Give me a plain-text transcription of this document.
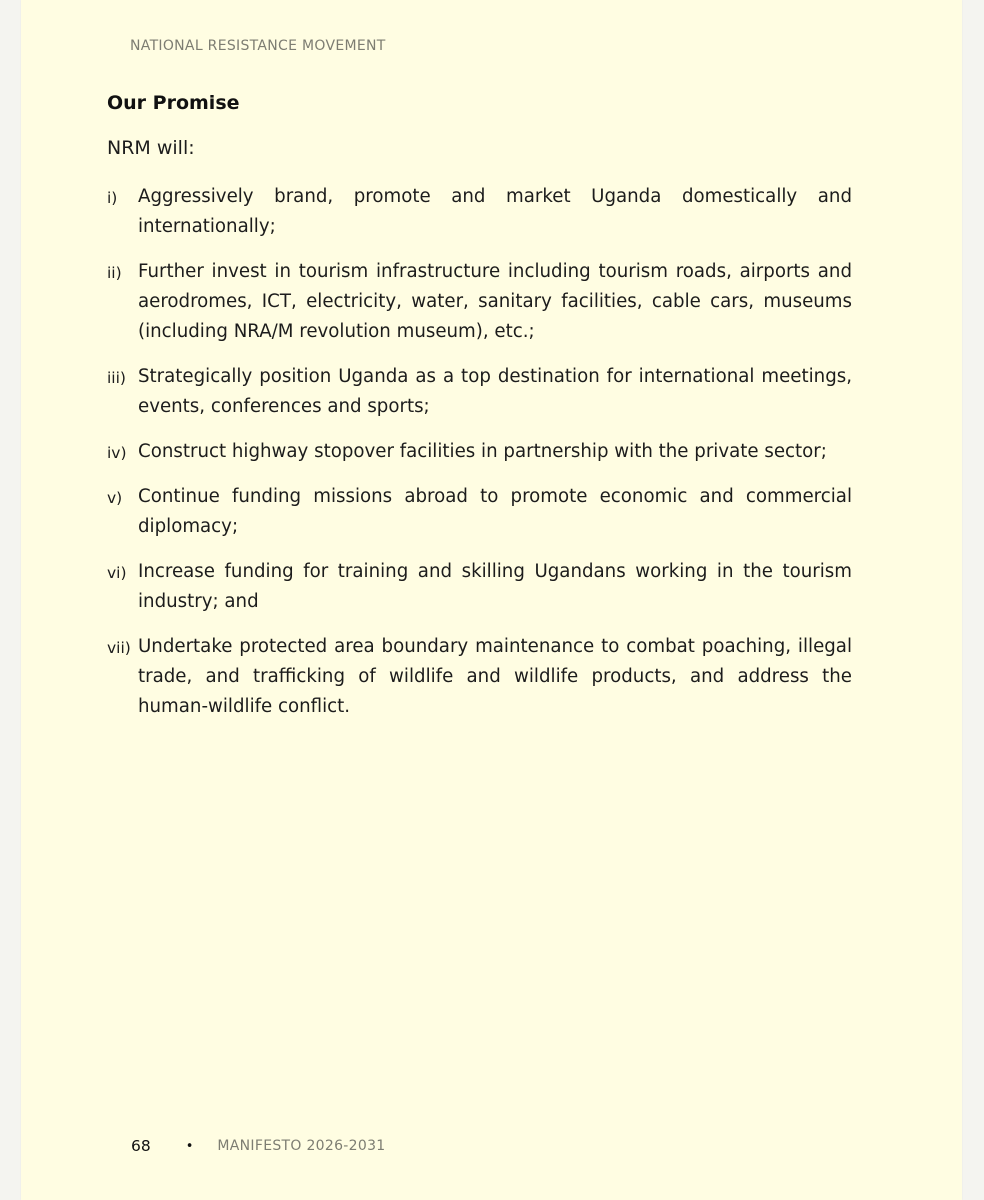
NATIONAL RESISTANCE MOVEMENT
Our Promise
NRM will:
i) Aggressively brand, promote and market Uganda domestically and internationally;
ii) Further invest in tourism infrastructure including tourism roads, airports and aerodromes, ICT, electricity, water, sanitary facilities, cable cars, museums (including NRA/M revolution museum), etc.;
iii) Strategically position Uganda as a top destination for international meetings, events, conferences and sports;
iv) Construct highway stopover facilities in partnership with the private sector;
v) Continue funding missions abroad to promote economic and commercial diplomacy;
vi) Increase funding for training and skilling Ugandans working in the tourism industry; and
vii) Undertake protected area boundary maintenance to combat poaching, illegal trade, and trafficking of wildlife and wildlife products, and address the human-wildlife conflict.
68	• MANIFESTO 2026-2031
